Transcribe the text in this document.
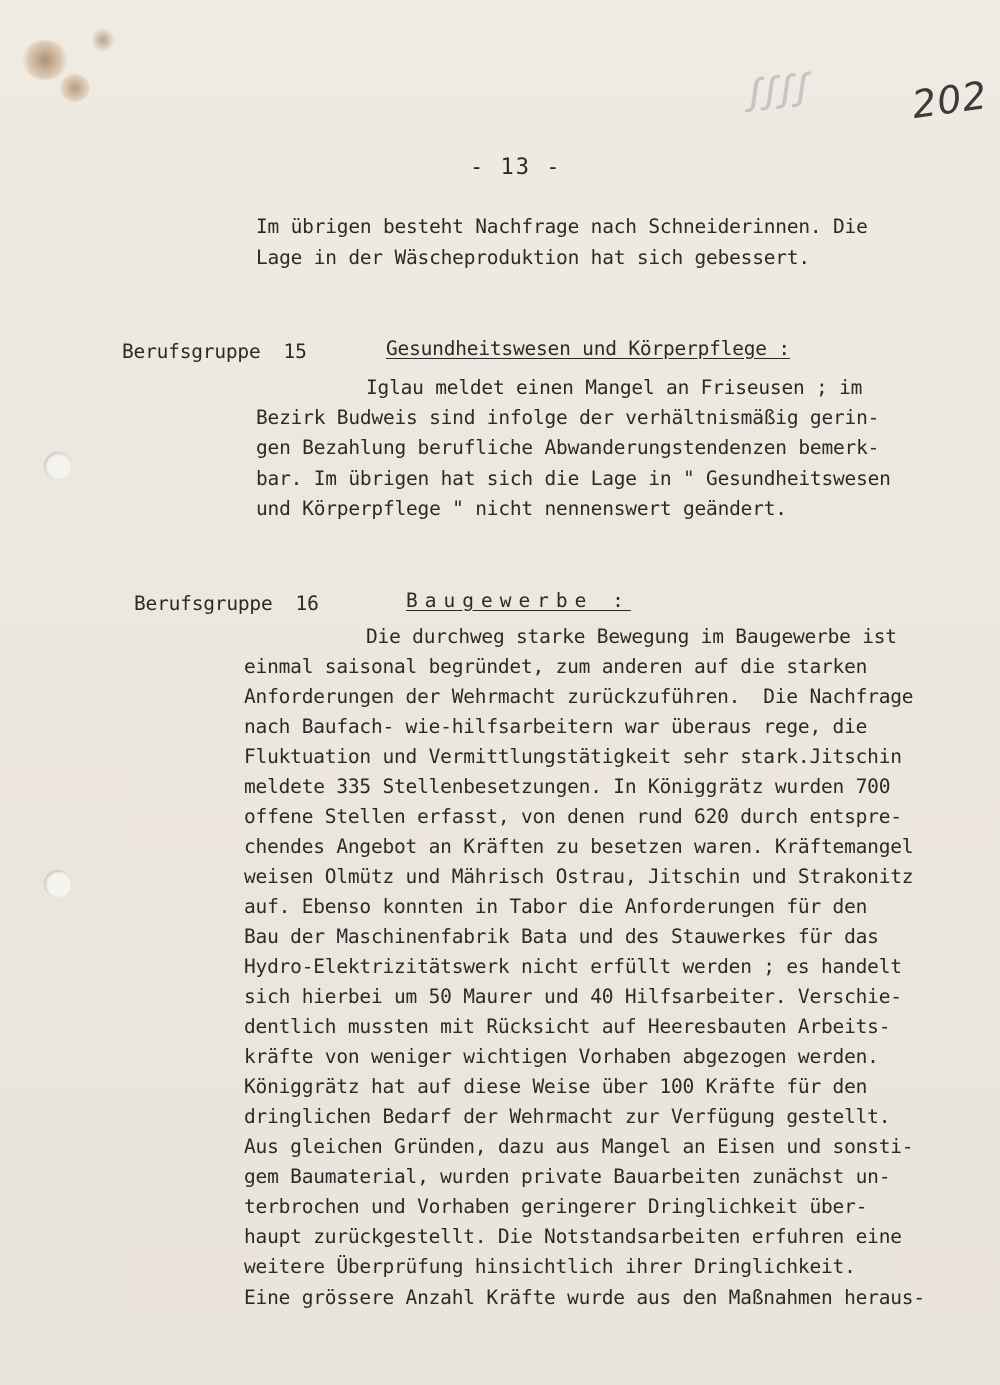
ꭍꭍꭍꭍ	202
- 13 -
Im übrigen besteht Nachfrage nach Schneiderinnen. Die
Lage in der Wäscheproduktion hat sich gebessert.
Berufsgruppe  15	Gesundheitswesen und Körperpflege :
Iglau meldet einen Mangel an Friseusen ; im
Bezirk Budweis sind infolge der verhältnismäßig gerin-
gen Bezahlung berufliche Abwanderungstendenzen bemerk-
bar. Im übrigen hat sich die Lage in " Gesundheitswesen
und Körperpflege " nicht nennenswert geändert.
Berufsgruppe  16	Baugewerbe :
Die durchweg starke Bewegung im Baugewerbe ist
einmal saisonal begründet, zum anderen auf die starken
Anforderungen der Wehrmacht zurückzuführen.  Die Nachfrage
nach Baufach- wie-hilfsarbeitern war überaus rege, die
Fluktuation und Vermittlungstätigkeit sehr stark.Jitschin
meldete 335 Stellenbesetzungen. In Königgrätz wurden 700
offene Stellen erfasst, von denen rund 620 durch entspre-
chendes Angebot an Kräften zu besetzen waren. Kräftemangel
weisen Olmütz und Mährisch Ostrau, Jitschin und Strakonitz
auf. Ebenso konnten in Tabor die Anforderungen für den
Bau der Maschinenfabrik Bata und des Stauwerkes für das
Hydro-Elektrizitätswerk nicht erfüllt werden ; es handelt
sich hierbei um 50 Maurer und 40 Hilfsarbeiter. Verschie-
dentlich mussten mit Rücksicht auf Heeresbauten Arbeits-
kräfte von weniger wichtigen Vorhaben abgezogen werden.
Königgrätz hat auf diese Weise über 100 Kräfte für den
dringlichen Bedarf der Wehrmacht zur Verfügung gestellt.
Aus gleichen Gründen, dazu aus Mangel an Eisen und sonsti-
gem Baumaterial, wurden private Bauarbeiten zunächst un-
terbrochen und Vorhaben geringerer Dringlichkeit über-
haupt zurückgestellt. Die Notstandsarbeiten erfuhren eine
weitere Überprüfung hinsichtlich ihrer Dringlichkeit.
Eine grössere Anzahl Kräfte wurde aus den Maßnahmen heraus-
